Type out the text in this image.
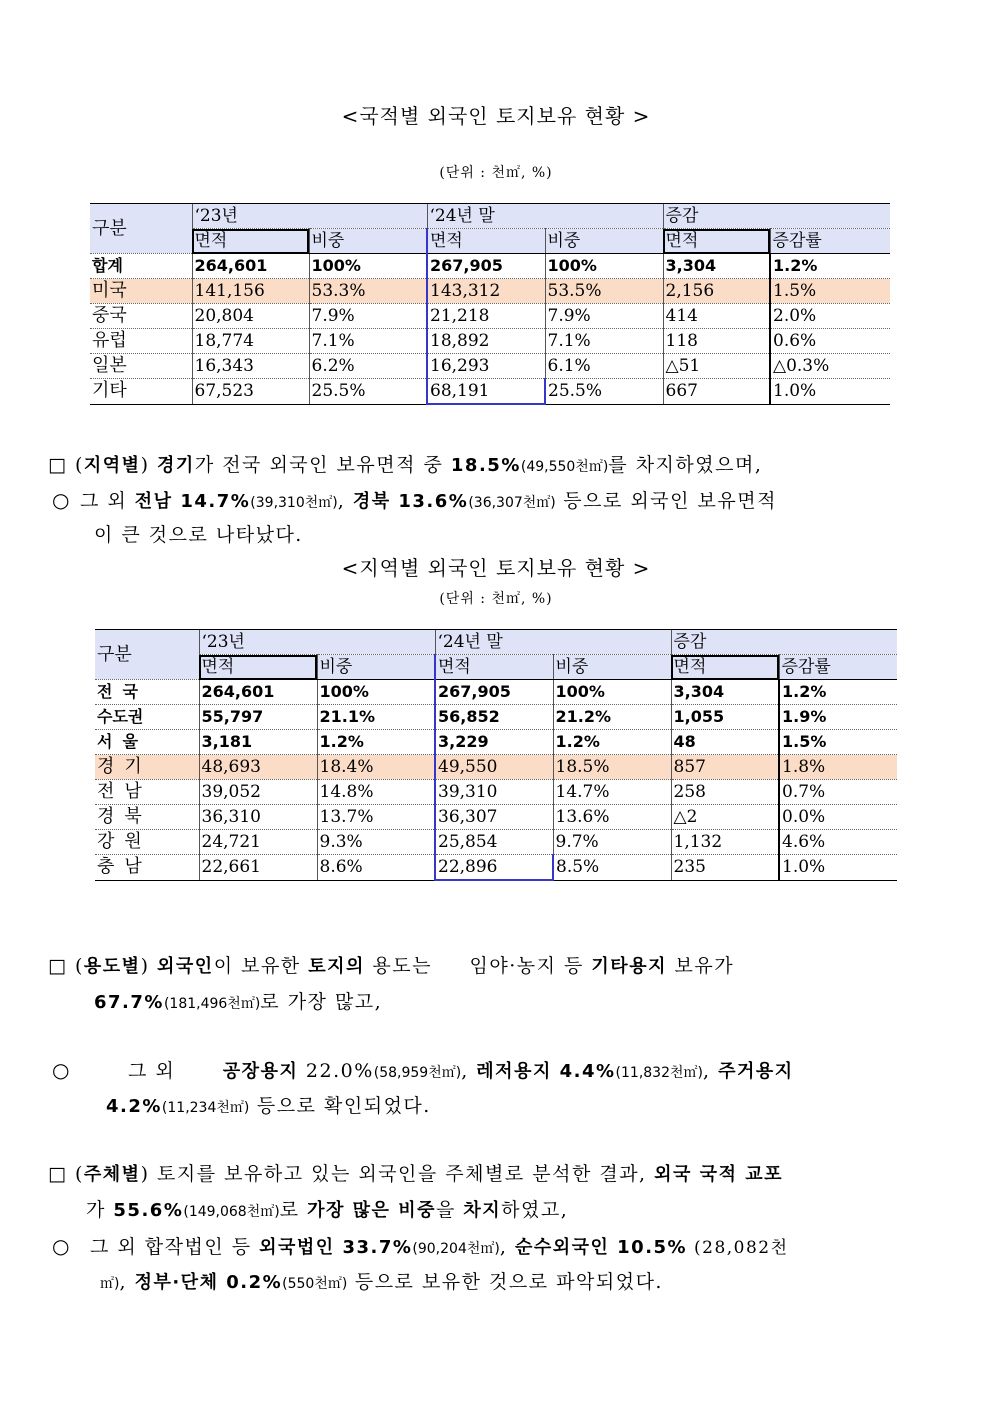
<국적별 외국인 토지보유 현황 >
(단위 : 천㎡, %)
구분	‘23년		‘24년 말		증감	
	면적	비중	면적	비중	면적	증감률
합계	264,601	100%	267,905	100%	3,304	1.2%
미국	141,156	53.3%	143,312	53.5%	2,156	1.5%
중국	20,804	7.9%	21,218	7.9%	414	2.0%
유럽	18,774	7.1%	18,892	7.1%	118	0.6%
일본	16,343	6.2%	16,293	6.1%	△51	△0.3%
기타	67,523	25.5%	68,191	25.5%	667	1.0%
□ (지역별) 경기가 전국 외국인 보유면적 중 18.5%(49,550천㎡)를 차지하였으며,
○ 그 외 전남 14.7%(39,310천㎡), 경북 13.6%(36,307천㎡) 등으로 외국인 보유면적
이 큰 것으로 나타났다.
<지역별 외국인 토지보유 현황 >
(단위 : 천㎡, %)
구분	‘23년		‘24년 말		증감	
	면적	비중	면적	비중	면적	증감률
전국	264,601	100%	267,905	100%	3,304	1.2%
수도권	55,797	21.1%	56,852	21.2%	1,055	1.9%
서울	3,181	1.2%	3,229	1.2%	48	1.5%
경기	48,693	18.4%	49,550	18.5%	857	1.8%
전남	39,052	14.8%	39,310	14.7%	258	0.7%
경북	36,310	13.7%	36,307	13.6%	△2	0.0%
강원	24,721	9.3%	25,854	9.7%	1,132	4.6%
충남	22,661	8.6%	22,896	8.5%	235	1.0%
□ (용도별) 외국인이 보유한 토지의 용도는 임야·농지 등 기타용지 보유가
67.7%(181,496천㎡)로 가장 많고,
○	그 외 공장용지 22.0%(58,959천㎡), 레저용지 4.4%(11,832천㎡), 주거용지
4.2%(11,234천㎡) 등으로 확인되었다.
□ (주체별) 토지를 보유하고 있는 외국인을 주체별로 분석한 결과, 외국 국적 교포
가 55.6%(149,068천㎡)로 가장 많은 비중을 차지하였고,
○ 그 외 합작법인 등 외국법인 33.7%(90,204천㎡), 순수외국인 10.5% (28,082천
㎡), 정부·단체 0.2%(550천㎡) 등으로 보유한 것으로 파악되었다.
